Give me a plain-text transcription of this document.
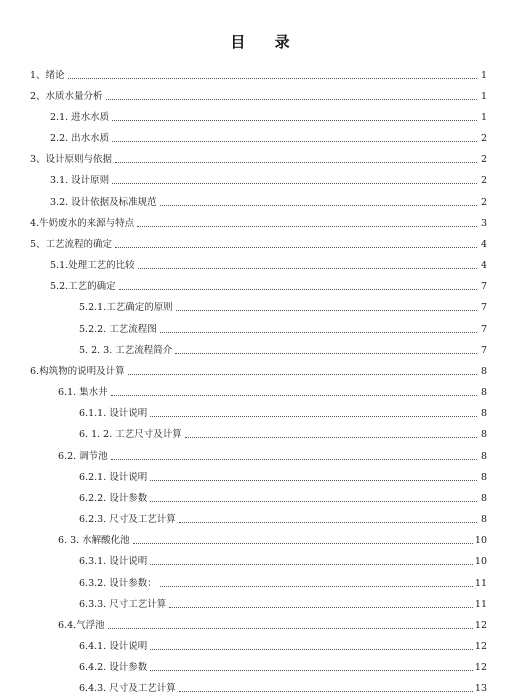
目 录
1、绪论	1
2、水质水量分析	1
2.1. 进水水质	1
2.2. 出水水质	2
3、设计原则与依据	2
3.1. 设计原则	2
3.2. 设计依据及标准规范	2
4.牛奶废水的来源与特点	3
5、工艺流程的确定	4
5.1.处理工艺的比较	4
5.2.工艺的确定	7
5.2.1.工艺确定的原则	7
5.2.2. 工艺流程图	7
5. 2. 3. 工艺流程简介	7
6.构筑物的说明及计算	8
6.1. 集水井	8
6.1.1. 设计说明	8
6. 1. 2. 工艺尺寸及计算	8
6.2. 调节池	8
6.2.1. 设计说明	8
6.2.2. 设计参数	8
6.2.3. 尺寸及工艺计算	8
6. 3. 水解酸化池	10
6.3.1. 设计说明	10
6.3.2. 设计参数：	11
6.3.3. 尺寸工艺计算	11
6.4.气浮池	12
6.4.1. 设计说明	12
6.4.2. 设计参数	12
6.4.3. 尺寸及工艺计算	13
